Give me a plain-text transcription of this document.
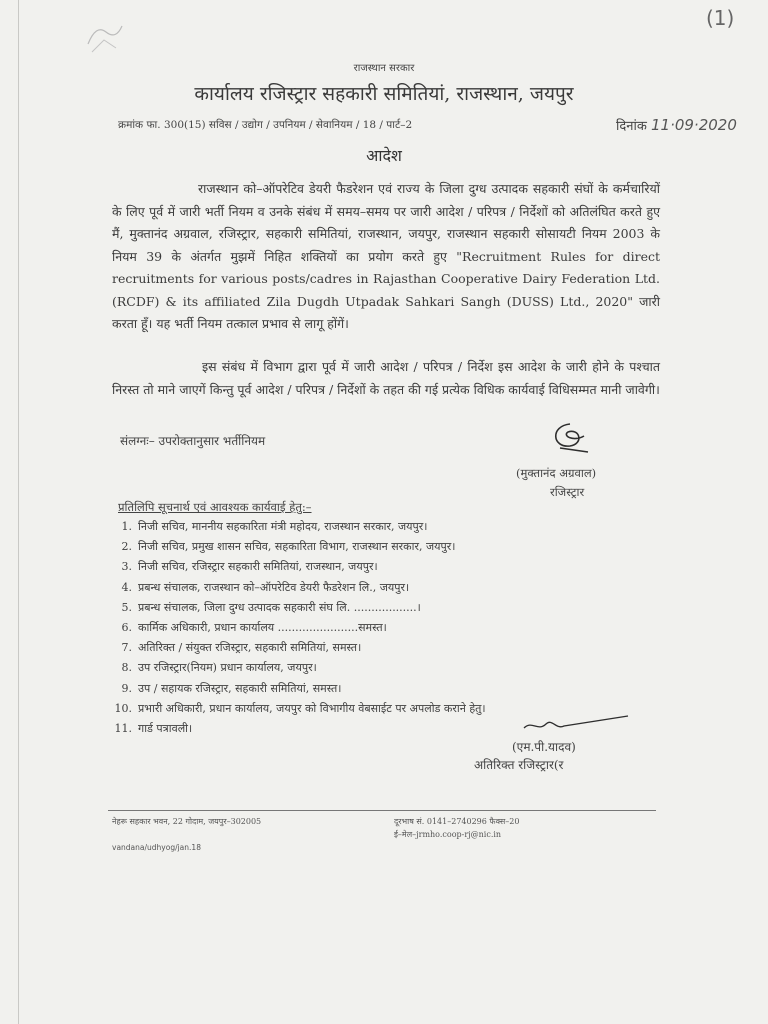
(1)
राजस्थान सरकार
कार्यालय रजिस्ट्रार सहकारी समितियां, राजस्थान, जयपुर
क्रमांक फा. 300(15) सविस / उद्योग / उपनियम / सेवानियम / 18 / पार्ट–2	दिनांक 11·09·2020
आदेश
राजस्थान को–ऑपरेटिव डेयरी फैडरेशन एवं राज्य के जिला दुग्ध उत्पादक सहकारी संघों के कर्मचारियों के लिए पूर्व में जारी भर्ती नियम व उनके संबंध में समय–समय पर जारी आदेश / परिपत्र / निर्देशों को अतिलंघित करते हुए मैं, मुक्तानंद अग्रवाल, रजिस्ट्रार, सहकारी समितियां, राजस्थान, जयपुर, राजस्थान सहकारी सोसायटी नियम 2003 के नियम 39 के अंतर्गत मुझमें निहित शक्तियों का प्रयोग करते हुए "Recruitment Rules for direct recruitments for various posts/cadres in Rajasthan Cooperative Dairy Federation Ltd. (RCDF) & its affiliated Zila Dugdh Utpadak Sahkari Sangh (DUSS) Ltd., 2020" जारी करता हूँ। यह भर्ती नियम तत्काल प्रभाव से लागू होंगें।
इस संबंध में विभाग द्वारा पूर्व में जारी आदेश / परिपत्र / निर्देश इस आदेश के जारी होने के पश्चात निरस्त तो माने जाएगें किन्तु पूर्व आदेश / परिपत्र / निर्देशों के तहत की गई प्रत्येक विधिक कार्यवाई विधिसम्मत मानी जावेगी।
संलग्नः– उपरोक्तानुसार भर्तीनियम
(मुक्तानंद अग्रवाल)
रजिस्ट्रार
प्रतिलिपि सूचनार्थ एवं आवश्यक कार्यवाई हेतु:–
1. निजी सचिव, माननीय सहकारिता मंत्री महोदय, राजस्थान सरकार, जयपुर।
2. निजी सचिव, प्रमुख शासन सचिव, सहकारिता विभाग, राजस्थान सरकार, जयपुर।
3. निजी सचिव, रजिस्ट्रार सहकारी समितियां, राजस्थान, जयपुर।
4. प्रबन्ध संचालक, राजस्थान को–ऑपरेटिव डेयरी फैडरेशन लि., जयपुर।
5. प्रबन्ध संचालक, जिला दुग्ध उत्पादक सहकारी संघ लि. ..................।
6. कार्मिक अधिकारी, प्रधान कार्यालय .......................समस्त।
7. अतिरिक्त / संयुक्त रजिस्ट्रार, सहकारी समितियां, समस्त।
8. उप रजिस्ट्रार(नियम) प्रधान कार्यालय, जयपुर।
9. उप / सहायक रजिस्ट्रार, सहकारी समितियां, समस्त।
10. प्रभारी अधिकारी, प्रधान कार्यालय, जयपुर को विभागीय वेबसाईट पर अपलोड कराने हेतु।
11. गार्ड पत्रावली।
(एम.पी.यादव)
अतिरिक्त रजिस्ट्रार(र
नेहरू सहकार भवन, 22 गोदाम, जयपुर–302005	दूरभाष सं. 0141–2740296 फैक्स–20
ई–मेल–jrmho.coop-rj@nic.in
vandana/udhyog/jan.18
